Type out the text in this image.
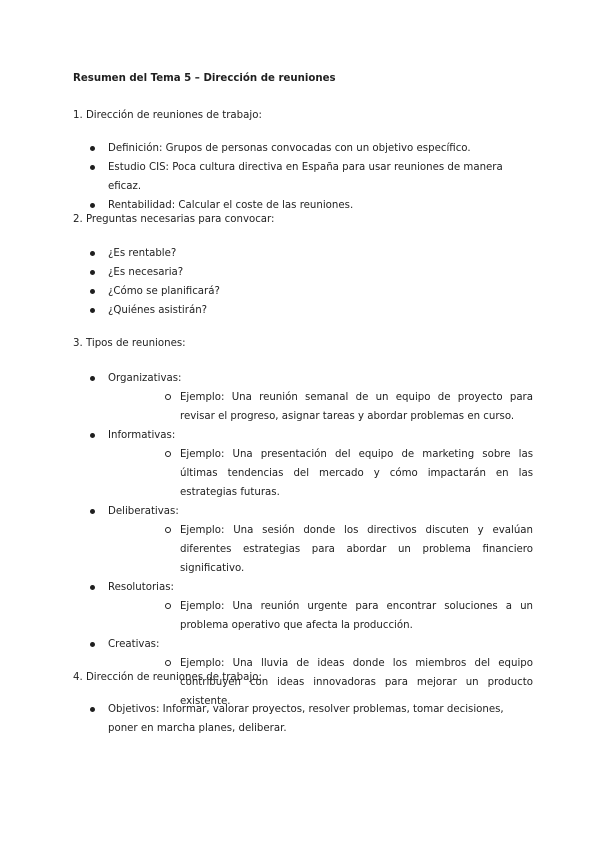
Resumen del Tema 5 – Dirección de reuniones

1. Dirección de reuniones de trabajo:

Definición: Grupos de personas convocadas con un objetivo específico.
Estudio CIS: Poca cultura directiva en España para usar reuniones de manera eficaz.
Rentabilidad: Calcular el coste de las reuniones.

2. Preguntas necesarias para convocar:

¿Es rentable?
¿Es necesaria?
¿Cómo se planificará?
¿Quiénes asistirán?

3. Tipos de reuniones:

Organizativas:
Ejemplo: Una reunión semanal de un equipo de proyecto para revisar el progreso, asignar tareas y abordar problemas en curso.
Informativas:
Ejemplo: Una presentación del equipo de marketing sobre las últimas tendencias del mercado y cómo impactarán en las estrategias futuras.
Deliberativas:
Ejemplo: Una sesión donde los directivos discuten y evalúan diferentes estrategias para abordar un problema financiero significativo.
Resolutorias:
Ejemplo: Una reunión urgente para encontrar soluciones a un problema operativo que afecta la producción.
Creativas:
Ejemplo: Una lluvia de ideas donde los miembros del equipo contribuyen con ideas innovadoras para mejorar un producto existente.

4. Dirección de reuniones de trabajo:

Objetivos: Informar, valorar proyectos, resolver problemas, tomar decisiones, poner en marcha planes, deliberar.
